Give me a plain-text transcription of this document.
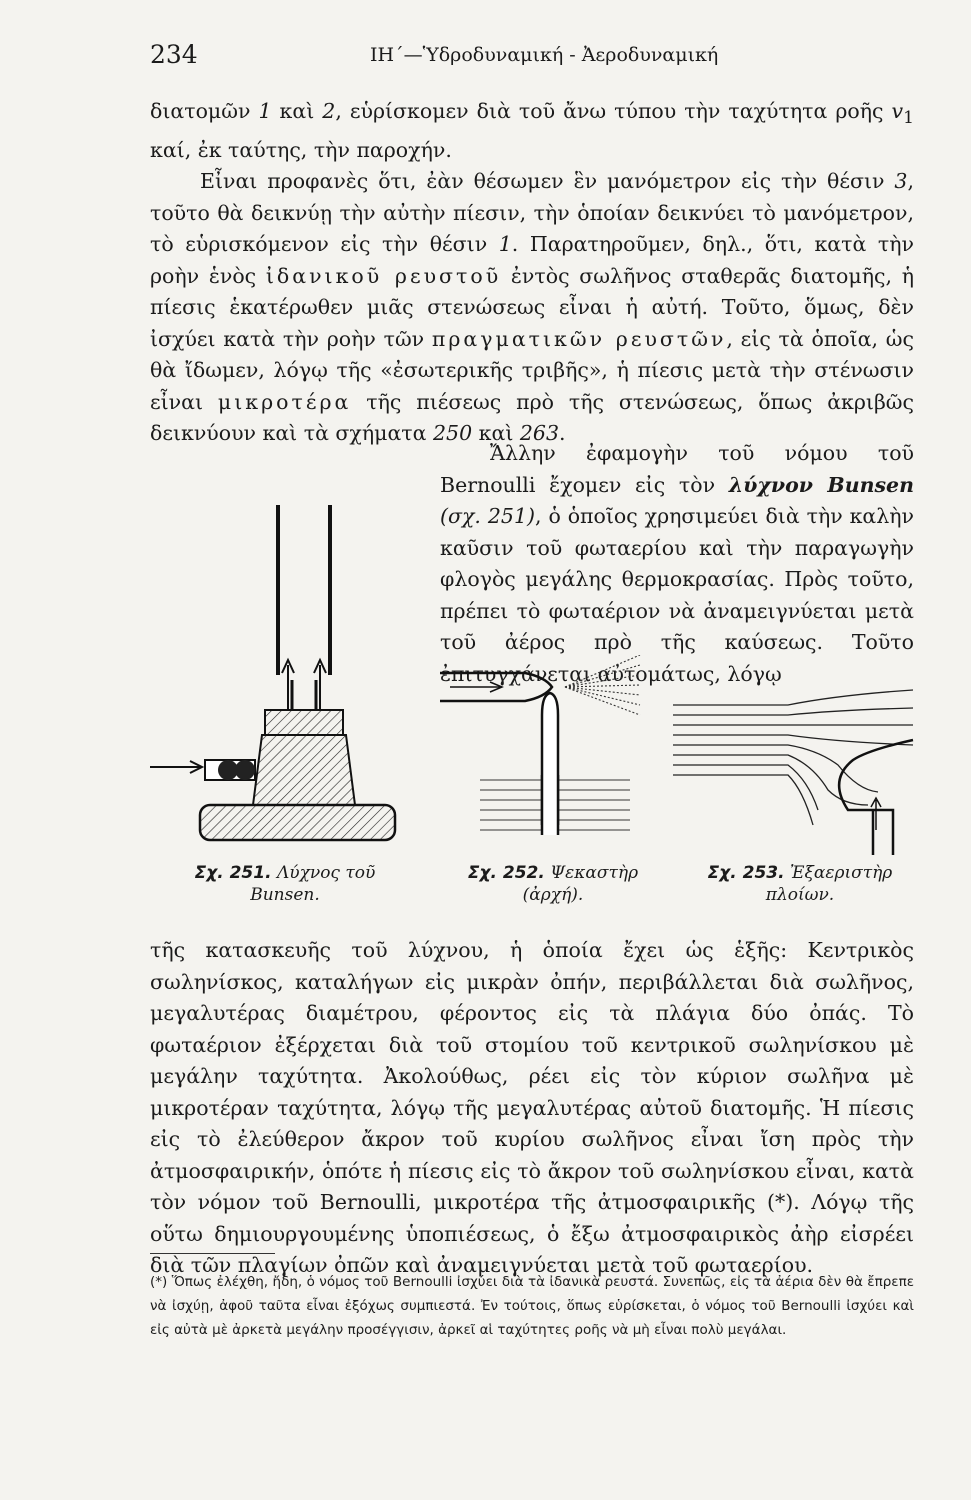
234	ΙΗ΄—Ὑδροδυναμική - Ἀεροδυναμική

διατομῶν 1 καὶ 2, εὑρίσκομεν διὰ τοῦ ἄνω τύπου τὴν ταχύτητα ροῆς $v_1$ καί, ἐκ ταύτης, τὴν παροχήν.

Εἶναι προφανὲς ὅτι, ἐὰν θέσωμεν ἓν μανόμετρον εἰς τὴν θέσιν 3, τοῦτο θὰ δεικνύῃ τὴν αὐτὴν πίεσιν, τὴν ὁποίαν δεικνύει τὸ μανόμετρον, τὸ εὑρισκόμενον εἰς τὴν θέσιν 1. Παρατηροῦμεν, δηλ., ὅτι, κατὰ τὴν ροὴν ἑνὸς ἰδανικοῦ ρευστοῦ ἐντὸς σωλῆνος σταθερᾶς διατομῆς, ἡ πίεσις ἑκατέρωθεν μιᾶς στενώσεως εἶναι ἡ αὐτή. Τοῦτο, ὅμως, δὲν ἰσχύει κατὰ τὴν ροὴν τῶν πραγματικῶν ρευστῶν, εἰς τὰ ὁποῖα, ὡς θὰ ἴδωμεν, λόγῳ τῆς «ἐσωτερικῆς τριβῆς», ἡ πίεσις μετὰ τὴν στένωσιν εἶναι μικροτέρα τῆς πιέσεως πρὸ τῆς στενώσεως, ὅπως ἀκριβῶς δεικνύουν καὶ τὰ σχήματα 250 καὶ 263.

Ἄλλην ἐφαμογὴν τοῦ νόμου τοῦ Bernoulli ἔχομεν εἰς τὸν λύχνον Bunsen (σχ. 251), ὁ ὁποῖος χρησιμεύει διὰ τὴν καλὴν καῦσιν τοῦ φωταερίου καὶ τὴν παραγωγὴν φλογὸς μεγάλης θερμοκρασίας. Πρὸς τοῦτο, πρέπει τὸ φωταέριον νὰ ἀναμειγνύεται μετὰ τοῦ ἀέρος πρὸ τῆς καύσεως. Τοῦτο ἐπιτυγχάνεται αὐτομάτως, λόγῳ

Σχ. 251. Λύχνος τοῦ Bunsen.
Σχ. 252. Ψεκαστὴρ (ἀρχή).
Σχ. 253. Ἐξαεριστὴρ πλοίων.

τῆς κατασκευῆς τοῦ λύχνου, ἡ ὁποία ἔχει ὡς ἑξῆς: Κεντρικὸς σωληνίσκος, καταλήγων εἰς μικρὰν ὀπήν, περιβάλλεται διὰ σωλῆνος, μεγαλυτέρας διαμέτρου, φέροντος εἰς τὰ πλάγια δύο ὀπάς. Τὸ φωταέριον ἐξέρχεται διὰ τοῦ στομίου τοῦ κεντρικοῦ σωληνίσκου μὲ μεγάλην ταχύτητα. Ἀκολούθως, ρέει εἰς τὸν κύριον σωλῆνα μὲ μικροτέραν ταχύτητα, λόγῳ τῆς μεγαλυτέρας αὐτοῦ διατομῆς. Ἡ πίεσις εἰς τὸ ἐλεύθερον ἄκρον τοῦ κυρίου σωλῆνος εἶναι ἴση πρὸς τὴν ἀτμοσφαιρικήν, ὁπότε ἡ πίεσις εἰς τὸ ἄκρον τοῦ σωληνίσκου εἶναι, κατὰ τὸν νόμον τοῦ Bernoulli, μικροτέρα τῆς ἀτμοσφαιρικῆς (*). Λόγῳ τῆς οὕτω δημιουργουμένης ὑποπιέσεως, ὁ ἔξω ἀτμοσφαιρικὸς ἀὴρ εἰσρέει διὰ τῶν πλαγίων ὀπῶν καὶ ἀναμειγνύεται μετὰ τοῦ φωταερίου.

(*) Ὅπως ἐλέχθη, ἤδη, ὁ νόμος τοῦ Bernoulli ἰσχύει διὰ τὰ ἰδανικὰ ρευστά. Συνεπῶς, εἰς τὰ ἀέρια δὲν θὰ ἔπρεπε νὰ ἰσχύῃ, ἀφοῦ ταῦτα εἶναι ἐξόχως συμπιεστά. Ἐν τούτοις, ὅπως εὑρίσκεται, ὁ νόμος τοῦ Bernoulli ἰσχύει καὶ εἰς αὐτὰ μὲ ἀρκετὰ μεγάλην προσέγγισιν, ἀρκεῖ αἱ ταχύτητες ροῆς νὰ μὴ εἶναι πολὺ μεγάλαι.
